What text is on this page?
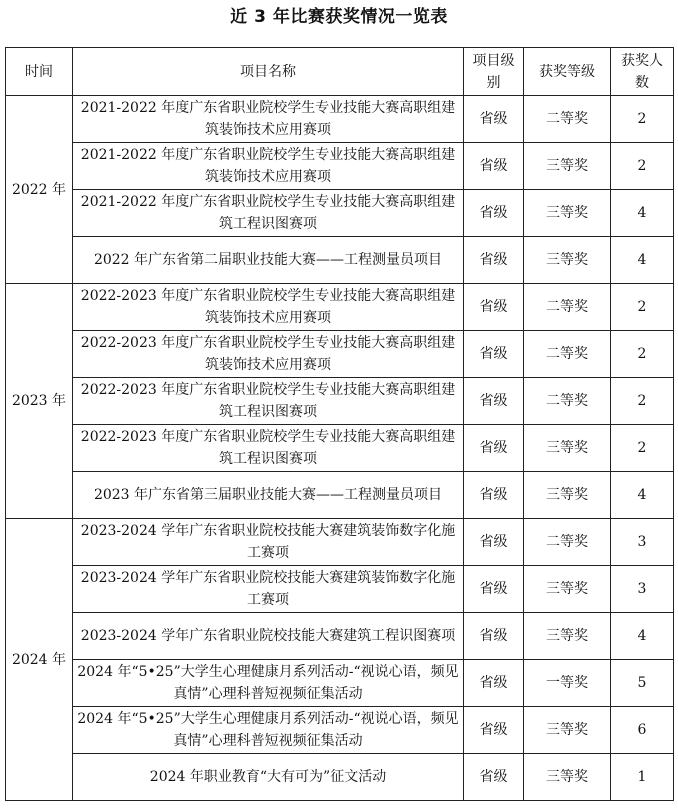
近 3 年比赛获奖情况一览表
时间	项目名称	项目级别	获奖等级	获奖人数
2022 年	2021-2022 年度广东省职业院校学生专业技能大赛高职组建筑装饰技术应用赛项	省级	二等奖	2
	2021-2022 年度广东省职业院校学生专业技能大赛高职组建筑装饰技术应用赛项	省级	三等奖	2
	2021-2022 年度广东省职业院校学生专业技能大赛高职组建筑工程识图赛项	省级	三等奖	4
	2022 年广东省第二届职业技能大赛——工程测量员项目	省级	三等奖	4
2023 年	2022-2023 年度广东省职业院校学生专业技能大赛高职组建筑装饰技术应用赛项	省级	二等奖	2
	2022-2023 年度广东省职业院校学生专业技能大赛高职组建筑装饰技术应用赛项	省级	二等奖	2
	2022-2023 年度广东省职业院校学生专业技能大赛高职组建筑工程识图赛项	省级	二等奖	2
	2022-2023 年度广东省职业院校学生专业技能大赛高职组建筑工程识图赛项	省级	三等奖	2
	2023 年广东省第三届职业技能大赛——工程测量员项目	省级	三等奖	4
2024 年	2023-2024 学年广东省职业院校技能大赛建筑装饰数字化施工赛项	省级	二等奖	3
	2023-2024 学年广东省职业院校技能大赛建筑装饰数字化施工赛项	省级	三等奖	3
	2023-2024 学年广东省职业院校技能大赛建筑工程识图赛项	省级	三等奖	4
	2024 年“5•25”大学生心理健康月系列活动-“视说心语，频见真情”心理科普短视频征集活动	省级	一等奖	5
	2024 年“5•25”大学生心理健康月系列活动-“视说心语，频见真情”心理科普短视频征集活动	省级	三等奖	6
	2024 年职业教育“大有可为”征文活动	省级	三等奖	1
